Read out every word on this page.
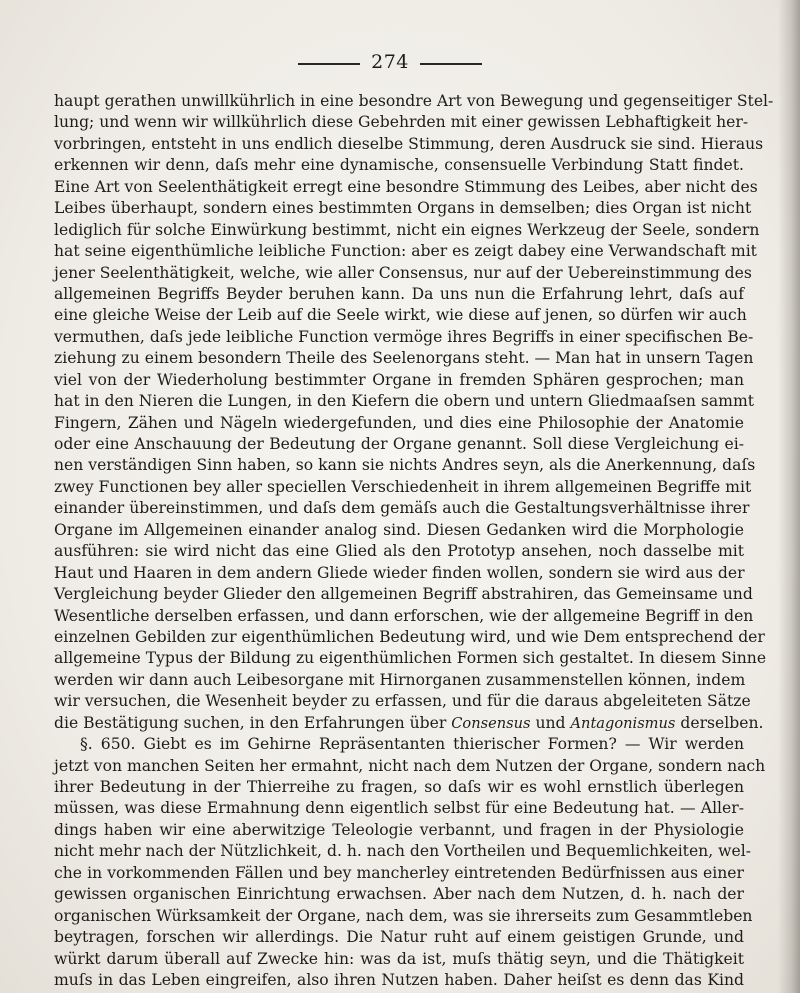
274
haupt gerathen unwillkührlich in eine besondre Art von Bewegung und gegenseitiger Stel-
lung; und wenn wir willkührlich diese Gebehrden mit einer gewissen Lebhaftigkeit her-
vorbringen, entsteht in uns endlich dieselbe Stimmung, deren Ausdruck sie sind. Hieraus
erkennen wir denn, daſs mehr eine dynamische, consensuelle Verbindung Statt findet.
Eine Art von Seelenthätigkeit erregt eine besondre Stimmung des Leibes, aber nicht des
Leibes überhaupt, sondern eines bestimmten Organs in demselben; dies Organ ist nicht
lediglich für solche Einwürkung bestimmt, nicht ein eignes Werkzeug der Seele, sondern
hat seine eigenthümliche leibliche Function: aber es zeigt dabey eine Verwandschaft mit
jener Seelenthätigkeit, welche, wie aller Consensus, nur auf der Uebereinstimmung des
allgemeinen Begriffs Beyder beruhen kann. Da uns nun die Erfahrung lehrt, daſs auf
eine gleiche Weise der Leib auf die Seele wirkt, wie diese auf jenen, so dürfen wir auch
vermuthen, daſs jede leibliche Function vermöge ihres Begriffs in einer specifischen Be-
ziehung zu einem besondern Theile des Seelenorgans steht. — Man hat in unsern Tagen
viel von der Wiederholung bestimmter Organe in fremden Sphären gesprochen; man
hat in den Nieren die Lungen, in den Kiefern die obern und untern Gliedmaaſsen sammt
Fingern, Zähen und Nägeln wiedergefunden, und dies eine Philosophie der Anatomie
oder eine Anschauung der Bedeutung der Organe genannt. Soll diese Vergleichung ei-
nen verständigen Sinn haben, so kann sie nichts Andres seyn, als die Anerkennung, daſs
zwey Functionen bey aller speciellen Verschiedenheit in ihrem allgemeinen Begriffe mit
einander übereinstimmen, und daſs dem gemäſs auch die Gestaltungsverhältnisse ihrer
Organe im Allgemeinen einander analog sind. Diesen Gedanken wird die Morphologie
ausführen: sie wird nicht das eine Glied als den Prototyp ansehen, noch dasselbe mit
Haut und Haaren in dem andern Gliede wieder finden wollen, sondern sie wird aus der
Vergleichung beyder Glieder den allgemeinen Begriff abstrahiren, das Gemeinsame und
Wesentliche derselben erfassen, und dann erforschen, wie der allgemeine Begriff in den
einzelnen Gebilden zur eigenthümlichen Bedeutung wird, und wie Dem entsprechend der
allgemeine Typus der Bildung zu eigenthümlichen Formen sich gestaltet. In diesem Sinne
werden wir dann auch Leibesorgane mit Hirnorganen zusammenstellen können, indem
wir versuchen, die Wesenheit beyder zu erfassen, und für die daraus abgeleiteten Sätze
die Bestätigung suchen, in den Erfahrungen über Consensus und Antagonismus derselben.
§. 650. Giebt es im Gehirne Repräsentanten thierischer Formen? — Wir werden
jetzt von manchen Seiten her ermahnt, nicht nach dem Nutzen der Organe, sondern nach
ihrer Bedeutung in der Thierreihe zu fragen, so daſs wir es wohl ernstlich überlegen
müssen, was diese Ermahnung denn eigentlich selbst für eine Bedeutung hat. — Aller-
dings haben wir eine aberwitzige Teleologie verbannt, und fragen in der Physiologie
nicht mehr nach der Nützlichkeit, d. h. nach den Vortheilen und Bequemlichkeiten, wel-
che in vorkommenden Fällen und bey mancherley eintretenden Bedürfnissen aus einer
gewissen organischen Einrichtung erwachsen. Aber nach dem Nutzen, d. h. nach der
organischen Würksamkeit der Organe, nach dem, was sie ihrerseits zum Gesammtleben
beytragen, forschen wir allerdings. Die Natur ruht auf einem geistigen Grunde, und
würkt darum überall auf Zwecke hin: was da ist, muſs thätig seyn, und die Thätigkeit
muſs in das Leben eingreifen, also ihren Nutzen haben. Daher heiſst es denn das Kind
